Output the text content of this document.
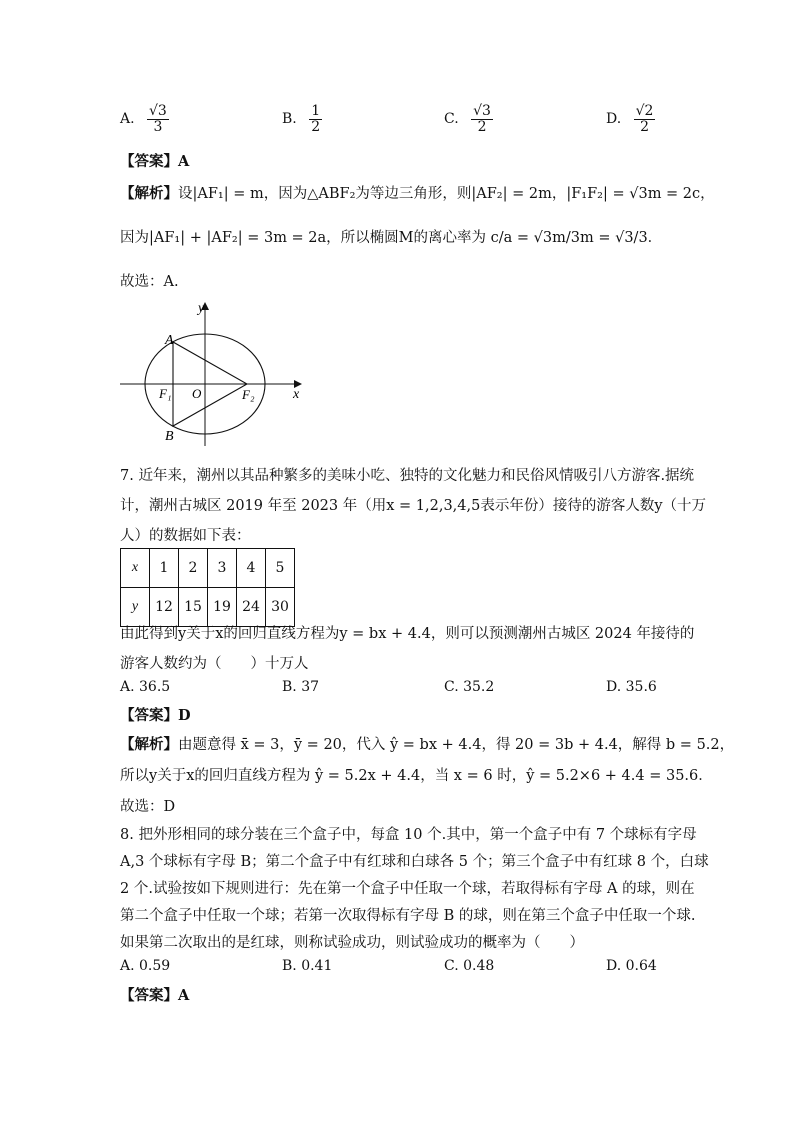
A. $\frac{√3}{3}$	B. $\frac{1}{2}$	C. $\frac{√3}{2}$	D. $\frac{√2}{2}$
【答案】A
【解析】设|AF₁| = m，因为△ABF₂为等边三角形，则|AF₂| = 2m，|F₁F₂| = √3m = 2c，
因为|AF₁| + |AF₂| = 3m = 2a，所以椭圆M的离心率为 c/a = √3m/3m = √3/3．
故选：A.
y
x
A
B
F₁ O	F₂
7. 近年来，潮州以其品种繁多的美味小吃、独特的文化魅力和民俗风情吸引八方游客.据统
计，潮州古城区 2019 年至 2023 年（用x = 1,2,3,4,5表示年份）接待的游客人数y（十万
人）的数据如下表：
x	1	2	3	4	5
y	12	15	19	24	30
由此得到y关于x的回归直线方程为y = bx + 4.4，则可以预测潮州古城区 2024 年接待的
游客人数约为（　　）十万人
A. 36.5	B. 37	C. 35.2	D. 35.6
【答案】D
【解析】由题意得 x̄ = 3，ȳ = 20，代入 ŷ = bx + 4.4，得 20 = 3b + 4.4，解得 b = 5.2，
所以y关于x的回归直线方程为 ŷ = 5.2x + 4.4，当 x = 6 时，ŷ = 5.2×6 + 4.4 = 35.6．
故选：D
8. 把外形相同的球分装在三个盒子中，每盒 10 个.其中，第一个盒子中有 7 个球标有字母
A,3 个球标有字母 B；第二个盒子中有红球和白球各 5 个；第三个盒子中有红球 8 个，白球
2 个.试验按如下规则进行：先在第一个盒子中任取一个球，若取得标有字母 A 的球，则在
第二个盒子中任取一个球；若第一次取得标有字母 B 的球，则在第三个盒子中任取一个球.
如果第二次取出的是红球，则称试验成功，则试验成功的概率为（　　）
A. 0.59	B. 0.41	C. 0.48	D. 0.64
【答案】A
